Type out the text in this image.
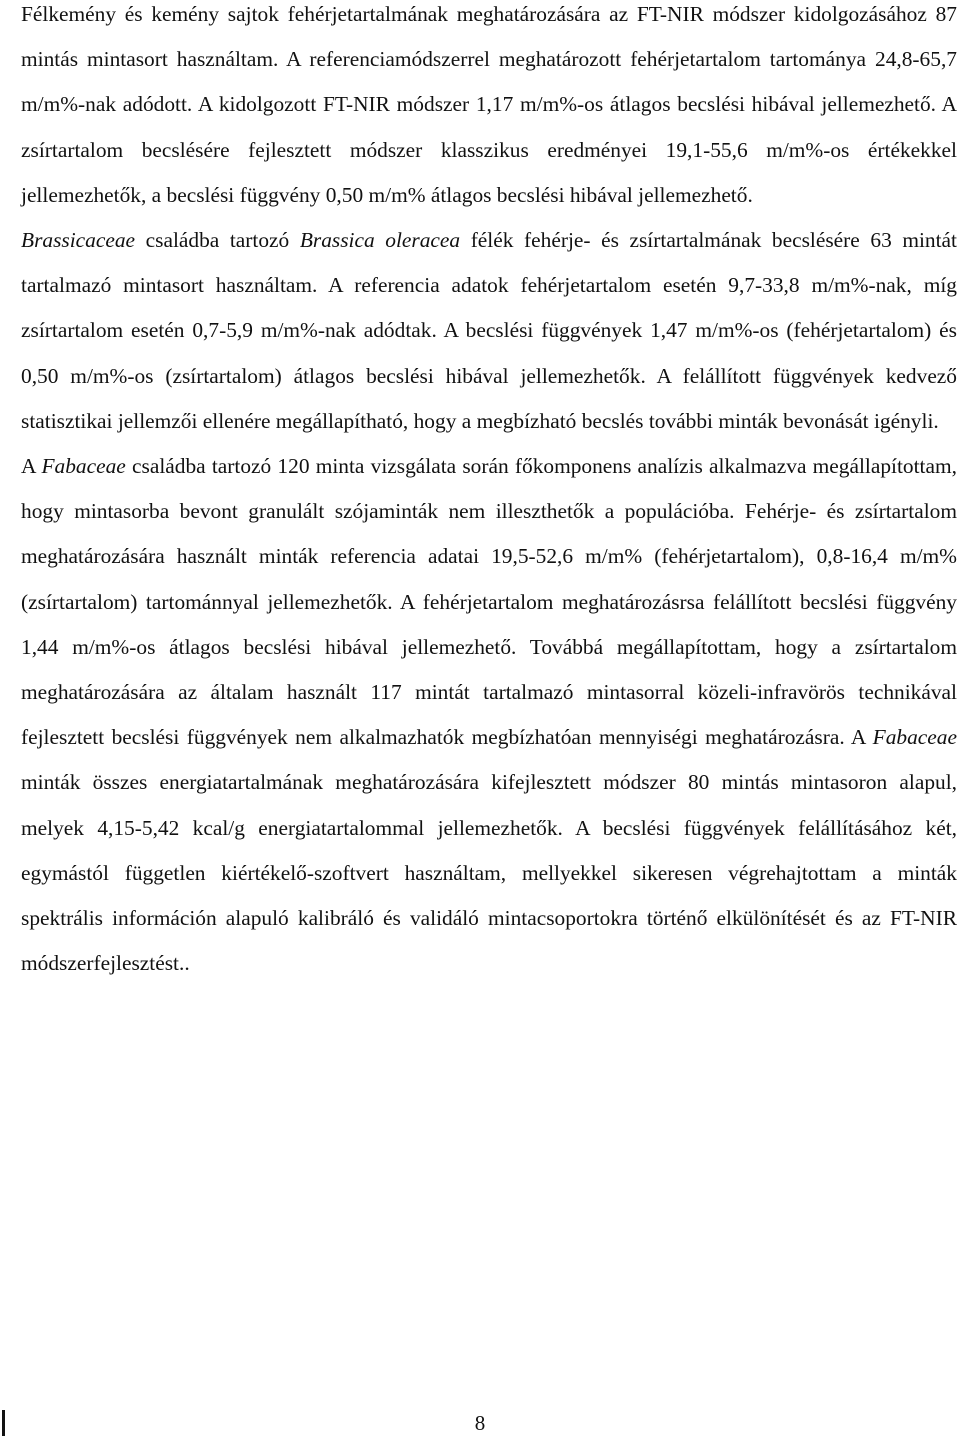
Félkemény és kemény sajtok fehérjetartalmának meghatározására az FT-NIR módszer kidolgozásához 87 mintás mintasort használtam. A referenciamódszerrel meghatározott fehérjetartalom tartománya 24,8-65,7 m/m%-nak adódott. A kidolgozott FT-NIR módszer 1,17 m/m%-os átlagos becslési hibával jellemezhető. A zsírtartalom becslésére fejlesztett módszer klasszikus eredményei 19,1-55,6 m/m%-os értékekkel jellemezhetők, a becslési függvény 0,50 m/m% átlagos becslési hibával jellemezhető.

Brassicaceae családba tartozó Brassica oleracea félék fehérje- és zsírtartalmának becslésére 63 mintát tartalmazó mintasort használtam. A referencia adatok fehérjetartalom esetén 9,7-33,8 m/m%-nak, míg zsírtartalom esetén 0,7-5,9 m/m%-nak adódtak. A becslési függvények 1,47 m/m%-os (fehérjetartalom) és 0,50 m/m%-os (zsírtartalom) átlagos becslési hibával jellemezhetők. A felállított függvények kedvező statisztikai jellemzői ellenére megállapítható, hogy a megbízható becslés további minták bevonását igényli.

A Fabaceae családba tartozó 120 minta vizsgálata során főkomponens analízis alkalmazva megállapítottam, hogy mintasorba bevont granulált szójaminták nem illeszthetők a populációba. Fehérje- és zsírtartalom meghatározására használt minták referencia adatai 19,5-52,6 m/m% (fehérjetartalom), 0,8-16,4 m/m% (zsírtartalom) tartománnyal jellemezhetők. A fehérjetartalom meghatározásrsa felállított becslési függvény 1,44 m/m%-os átlagos becslési hibával jellemezhető. Továbbá megállapítottam, hogy a zsírtartalom meghatározására az általam használt 117 mintát tartalmazó mintasorral közeli-infravörös technikával fejlesztett becslési függvények nem alkalmazhatók megbízhatóan mennyiségi meghatározásra. A Fabaceae minták összes energiatartalmának meghatározására kifejlesztett módszer 80 mintás mintasoron alapul, melyek 4,15-5,42 kcal/g energiatartalommal jellemezhetők. A becslési függvények felállításához két, egymástól független kiértékelő-szoftvert használtam, mellyekkel sikeresen végrehajtottam a minták spektrális információn alapuló kalibráló és validáló mintacsoportokra történő elkülönítését és az FT-NIR módszerfejlesztést..

8
